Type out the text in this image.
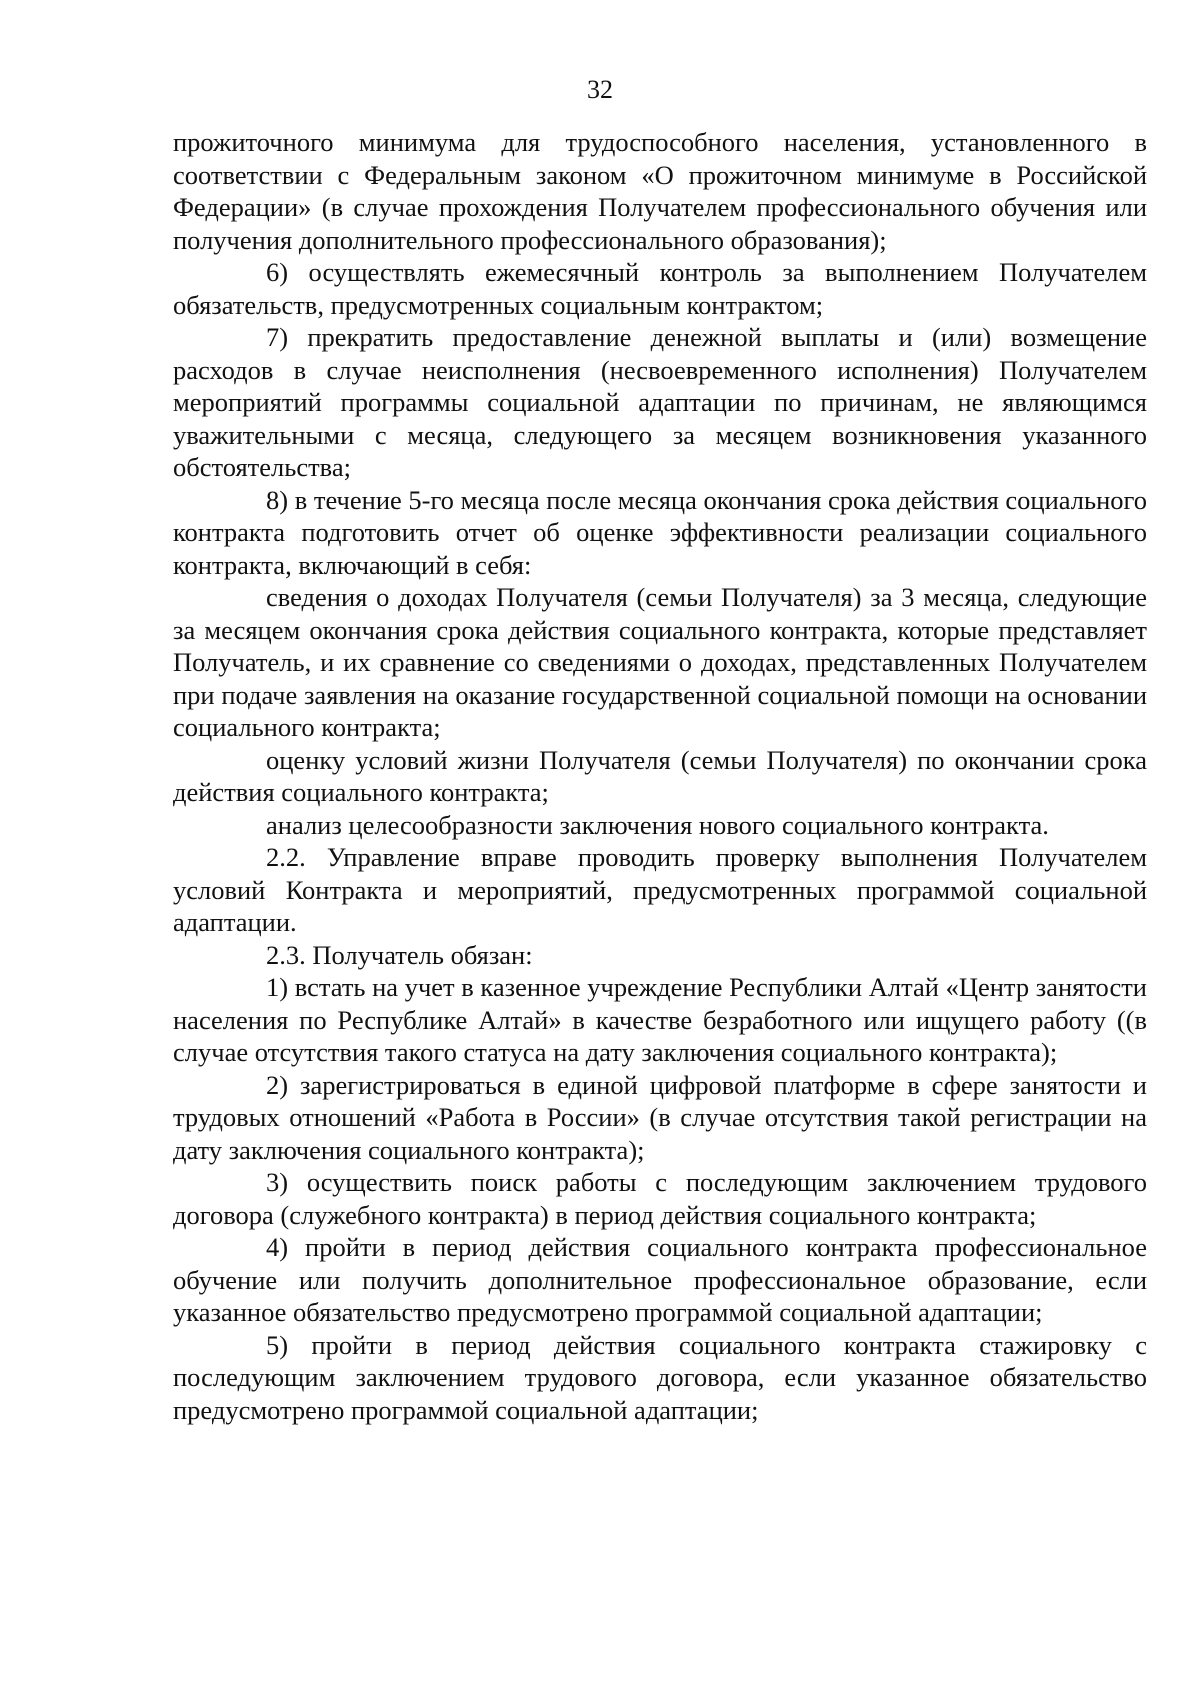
32

прожиточного минимума для трудоспособного населения, установленного в соответствии с Федеральным законом «О прожиточном минимуме в Российской Федерации» (в случае прохождения Получателем профессионального обучения или получения дополнительного профессионального образования);

6) осуществлять ежемесячный контроль за выполнением Получателем обязательств, предусмотренных социальным контрактом;

7) прекратить предоставление денежной выплаты и (или) возмещение расходов в случае неисполнения (несвоевременного исполнения) Получателем мероприятий программы социальной адаптации по причинам, не являющимся уважительными с месяца, следующего за месяцем возникновения указанного обстоятельства;

8) в течение 5-го месяца после месяца окончания срока действия социального контракта подготовить отчет об оценке эффективности реализации социального контракта, включающий в себя:

сведения о доходах Получателя (семьи Получателя) за 3 месяца, следующие за месяцем окончания срока действия социального контракта, которые представляет Получатель, и их сравнение со сведениями о доходах, представленных Получателем при подаче заявления на оказание государственной социальной помощи на основании социального контракта;

оценку условий жизни Получателя (семьи Получателя) по окончании срока действия социального контракта;

анализ целесообразности заключения нового социального контракта.

2.2. Управление вправе проводить проверку выполнения Получателем условий Контракта и мероприятий, предусмотренных программой социальной адаптации.

2.3. Получатель обязан:

1) встать на учет в казенное учреждение Республики Алтай «Центр занятости населения по Республике Алтай» в качестве безработного или ищущего работу ((в случае отсутствия такого статуса на дату заключения социального контракта);

2) зарегистрироваться в единой цифровой платформе в сфере занятости и трудовых отношений «Работа в России» (в случае отсутствия такой регистрации на дату заключения социального контракта);

3) осуществить поиск работы с последующим заключением трудового договора (служебного контракта) в период действия социального контракта;

4) пройти в период действия социального контракта профессиональное обучение или получить дополнительное профессиональное образование, если указанное обязательство предусмотрено программой социальной адаптации;

5) пройти в период действия социального контракта стажировку с последующим заключением трудового договора, если указанное обязательство предусмотрено программой социальной адаптации;
